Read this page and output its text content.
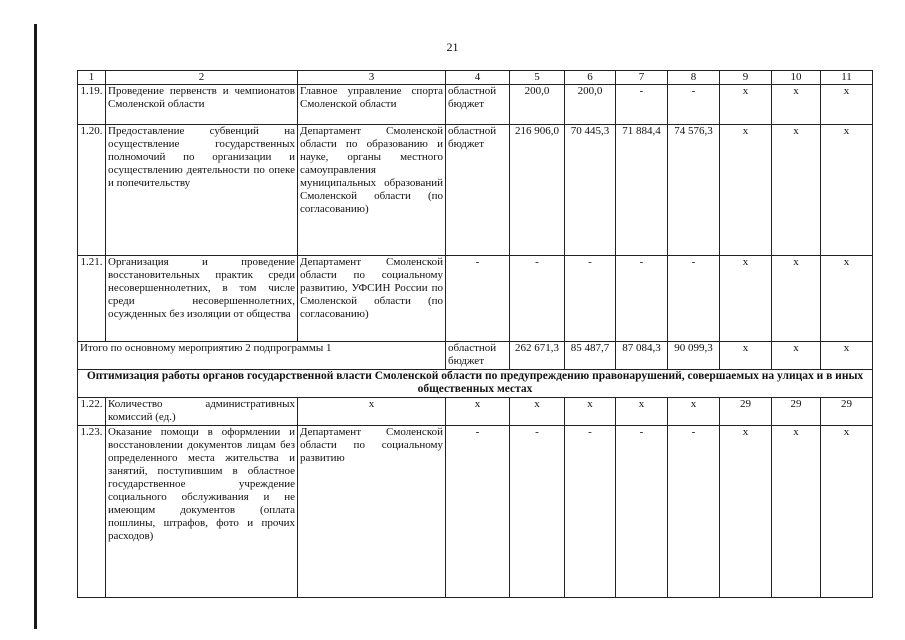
21
1	2	3	4	5	6	7	8	9	10	11
1.19.	Проведение первенств и чемпионатов Смоленской области	Главное управление спорта Смоленской области	областной бюджет	200,0	200,0	-	-	х	х	х
1.20.	Предоставление субвенций на осуществление государственных полномочий по организации и осуществлению деятельности по опеке и попечительству	Департамент Смоленской области по образованию и науке, органы местного самоуправления муниципальных образований Смоленской области (по согласованию)	областной бюджет	216 906,0	70 445,3	71 884,4	74 576,3	х	х	х
1.21.	Организация и проведение восстановительных практик среди несовершеннолетних, в том числе среди несовершеннолетних, осужденных без изоляции от общества	Департамент Смоленской области по социальному развитию, УФСИН России по Смоленской области (по согласованию)	-	-	-	-	-	х	х	х
Итого по основному мероприятию 2 подпрограммы 1			областной бюджет	262 671,3	85 487,7	87 084,3	90 099,3	х	х	х
Оптимизация работы органов государственной власти Смоленской области по предупреждению правонарушений, совершаемых на улицах и в иных общественных местах										
1.22.	Количество административных комиссий (ед.)	х	х	х	х	х	х	29	29	29
1.23.	Оказание помощи в оформлении и восстановлении документов лицам без определенного места жительства и занятий, поступившим в областное государственное учреждение социального обслуживания и не имеющим документов (оплата пошлины, штрафов, фото и прочих расходов)	Департамент Смоленской области по социальному развитию	-	-	-	-	-	х	х	х
